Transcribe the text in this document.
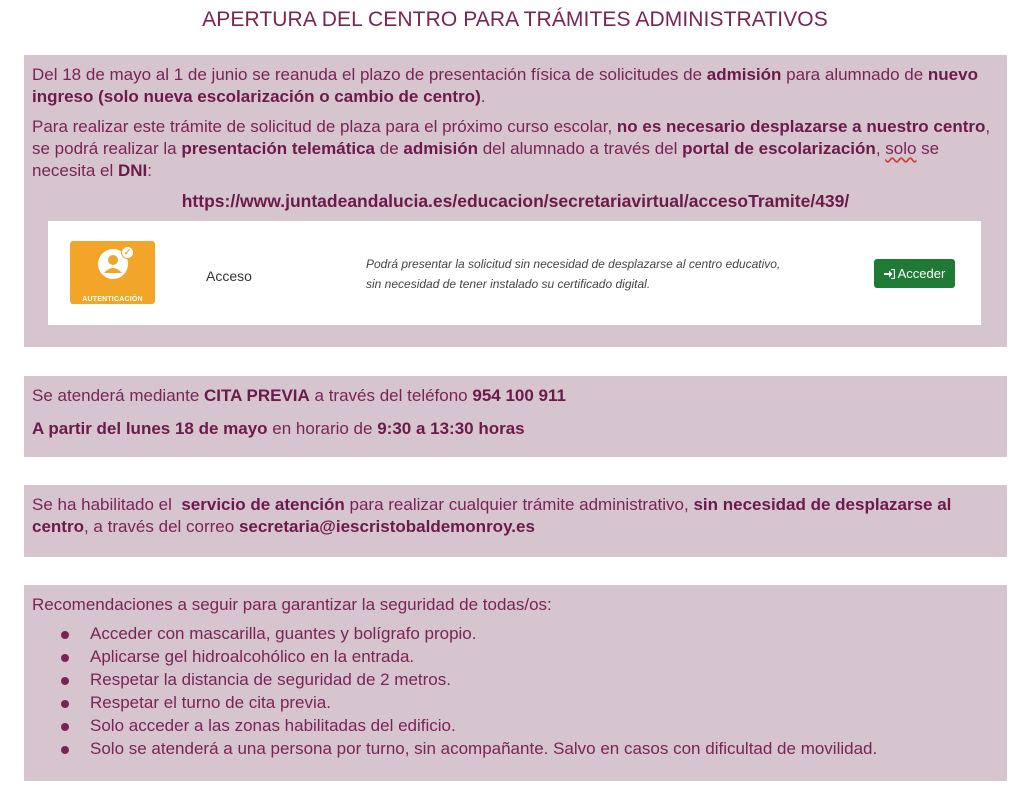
APERTURA DEL CENTRO PARA TRÁMITES ADMINISTRATIVOS

Del 18 de mayo al 1 de junio se reanuda el plazo de presentación física de solicitudes de admisión para alumnado de nuevo ingreso (solo nueva escolarización o cambio de centro).

Para realizar este trámite de solicitud de plaza para el próximo curso escolar, no es necesario desplazarse a nuestro centro, se podrá realizar la presentación telemática de admisión del alumnado a través del portal de escolarización, solo se necesita el DNI:

https://www.juntadeandalucia.es/educacion/secretariavirtual/accesoTramite/439/
✓
AUTENTICACIÓN
Acceso
Podrá presentar la solicitud sin necesidad de desplazarse al centro educativo,
sin necesidad de tener instalado su certificado digital.
Acceder

Se atenderá mediante CITA PREVIA a través del teléfono 954 100 911

A partir del lunes 18 de mayo en horario de 9:30 a 13:30 horas

Se ha habilitado el  servicio de atención para realizar cualquier trámite administrativo, sin necesidad de desplazarse al centro, a través del correo secretaria@iescristobaldemonroy.es

Recomendaciones a seguir para garantizar la seguridad de todas/os:

Acceder con mascarilla, guantes y bolígrafo propio.
Aplicarse gel hidroalcohólico en la entrada.
Respetar la distancia de seguridad de 2 metros.
Respetar el turno de cita previa.
Solo acceder a las zonas habilitadas del edificio.
Solo se atenderá a una persona por turno, sin acompañante. Salvo en casos con dificultad de movilidad.
